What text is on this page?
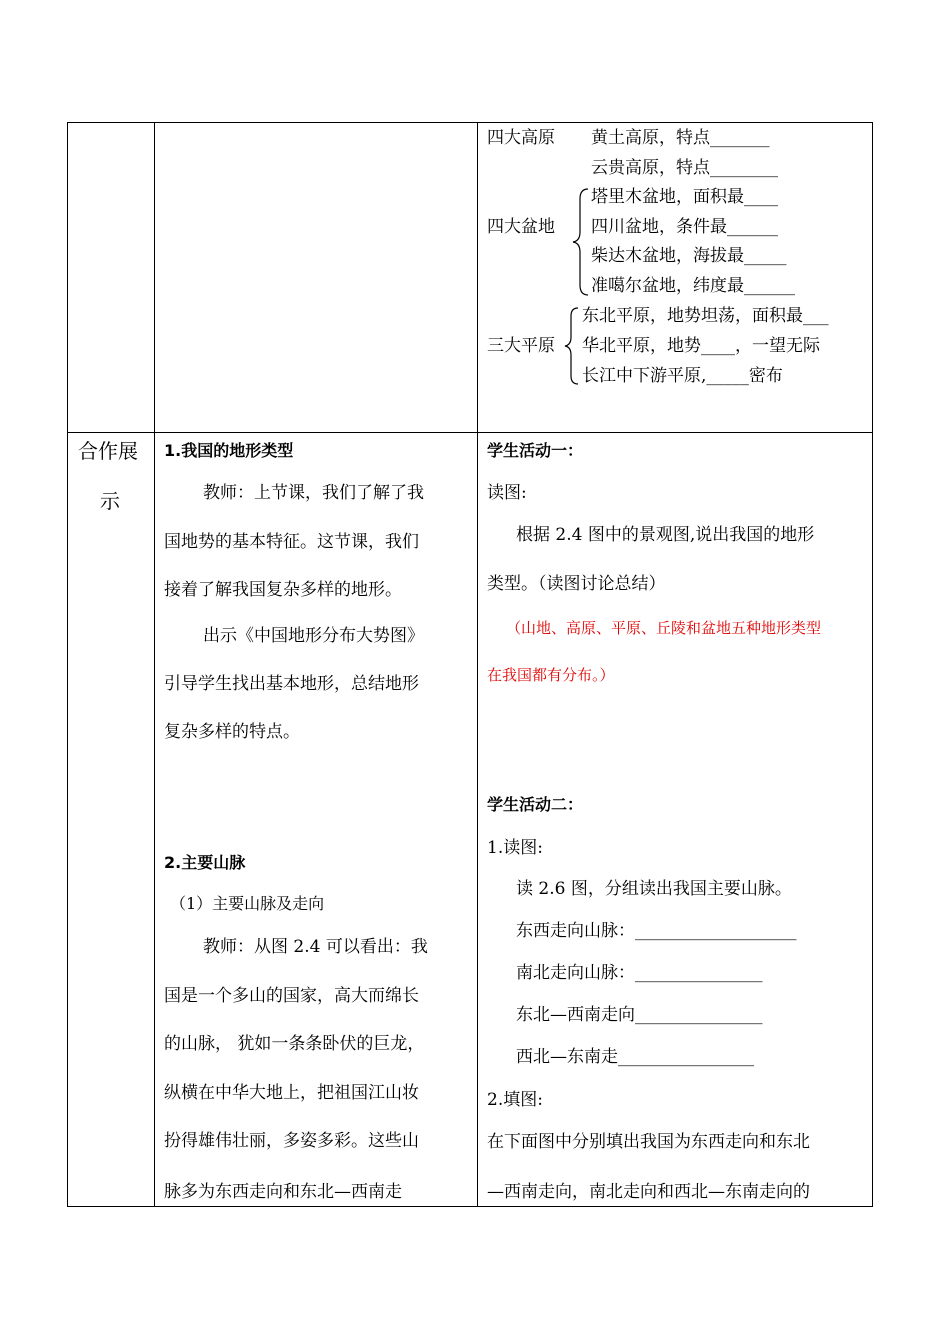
四大高原 黄土高原，特点_______
云贵高原，特点________
四大盆地
塔里木盆地，面积最____
四川盆地，条件最______
柴达木盆地，海拔最_____
准噶尔盆地，纬度最______
三大平原
东北平原，地势坦荡，面积最___
华北平原，地势____，一望无际
长江中下游平原,_____密布
合作展
示
1.我国的地形类型
教师：上节课，我们了解了我
国地势的基本特征。这节课，我们
接着了解我国复杂多样的地形。
出示《中国地形分布大势图》
引导学生找出基本地形，总结地形
复杂多样的特点。
2.主要山脉
（1）主要山脉及走向
教师：从图 2.4 可以看出：我
国是一个多山的国家，高大而绵长
的山脉， 犹如一条条卧伏的巨龙，
纵横在中华大地上，把祖国江山妆
扮得雄伟壮丽，多姿多彩。这些山
脉多为东西走向和东北—西南走
学生活动一：
读图:
根据 2.4 图中的景观图,说出我国的地形
类型。（读图讨论总结）
（山地、高原、平原、丘陵和盆地五种地形类型
在我国都有分布。）
学生活动二：
1.读图:
读 2.6 图，分组读出我国主要山脉。
东西走向山脉：___________________
南北走向山脉：_______________
东北—西南走向_______________
西北—东南走________________
2.填图:
在下面图中分别填出我国为东西走向和东北
—西南走向，南北走向和西北—东南走向的
